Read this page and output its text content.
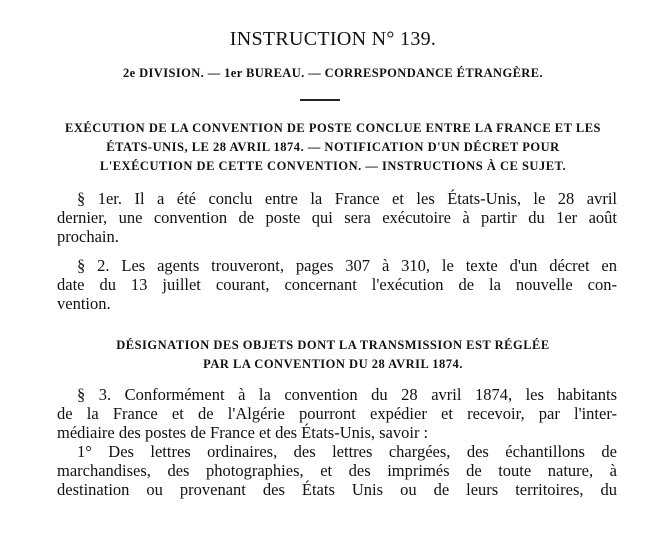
INSTRUCTION N° 139.
2e DIVISION. — 1er BUREAU. — CORRESPONDANCE ÉTRANGÈRE.
EXÉCUTION DE LA CONVENTION DE POSTE CONCLUE ENTRE LA FRANCE ET LES
ÉTATS-UNIS, LE 28 AVRIL 1874. — NOTIFICATION D'UN DÉCRET POUR
L'EXÉCUTION DE CETTE CONVENTION. — INSTRUCTIONS À CE SUJET.
§ 1er. Il a été conclu entre la France et les États-Unis, le 28 avril
dernier, une convention de poste qui sera exécutoire à partir du 1er août
prochain.
§ 2. Les agents trouveront, pages 307 à 310, le texte d'un décret en
date du 13 juillet courant, concernant l'exécution de la nouvelle con-
vention.
DÉSIGNATION DES OBJETS DONT LA TRANSMISSION EST RÉGLÉE
PAR LA CONVENTION DU 28 AVRIL 1874.
§ 3. Conformément à la convention du 28 avril 1874, les habitants
de la France et de l'Algérie pourront expédier et recevoir, par l'inter-
médiaire des postes de France et des États-Unis, savoir :
1° Des lettres ordinaires, des lettres chargées, des échantillons de
marchandises, des photographies, et des imprimés de toute nature, à
destination ou provenant des États Unis ou de leurs territoires, du
